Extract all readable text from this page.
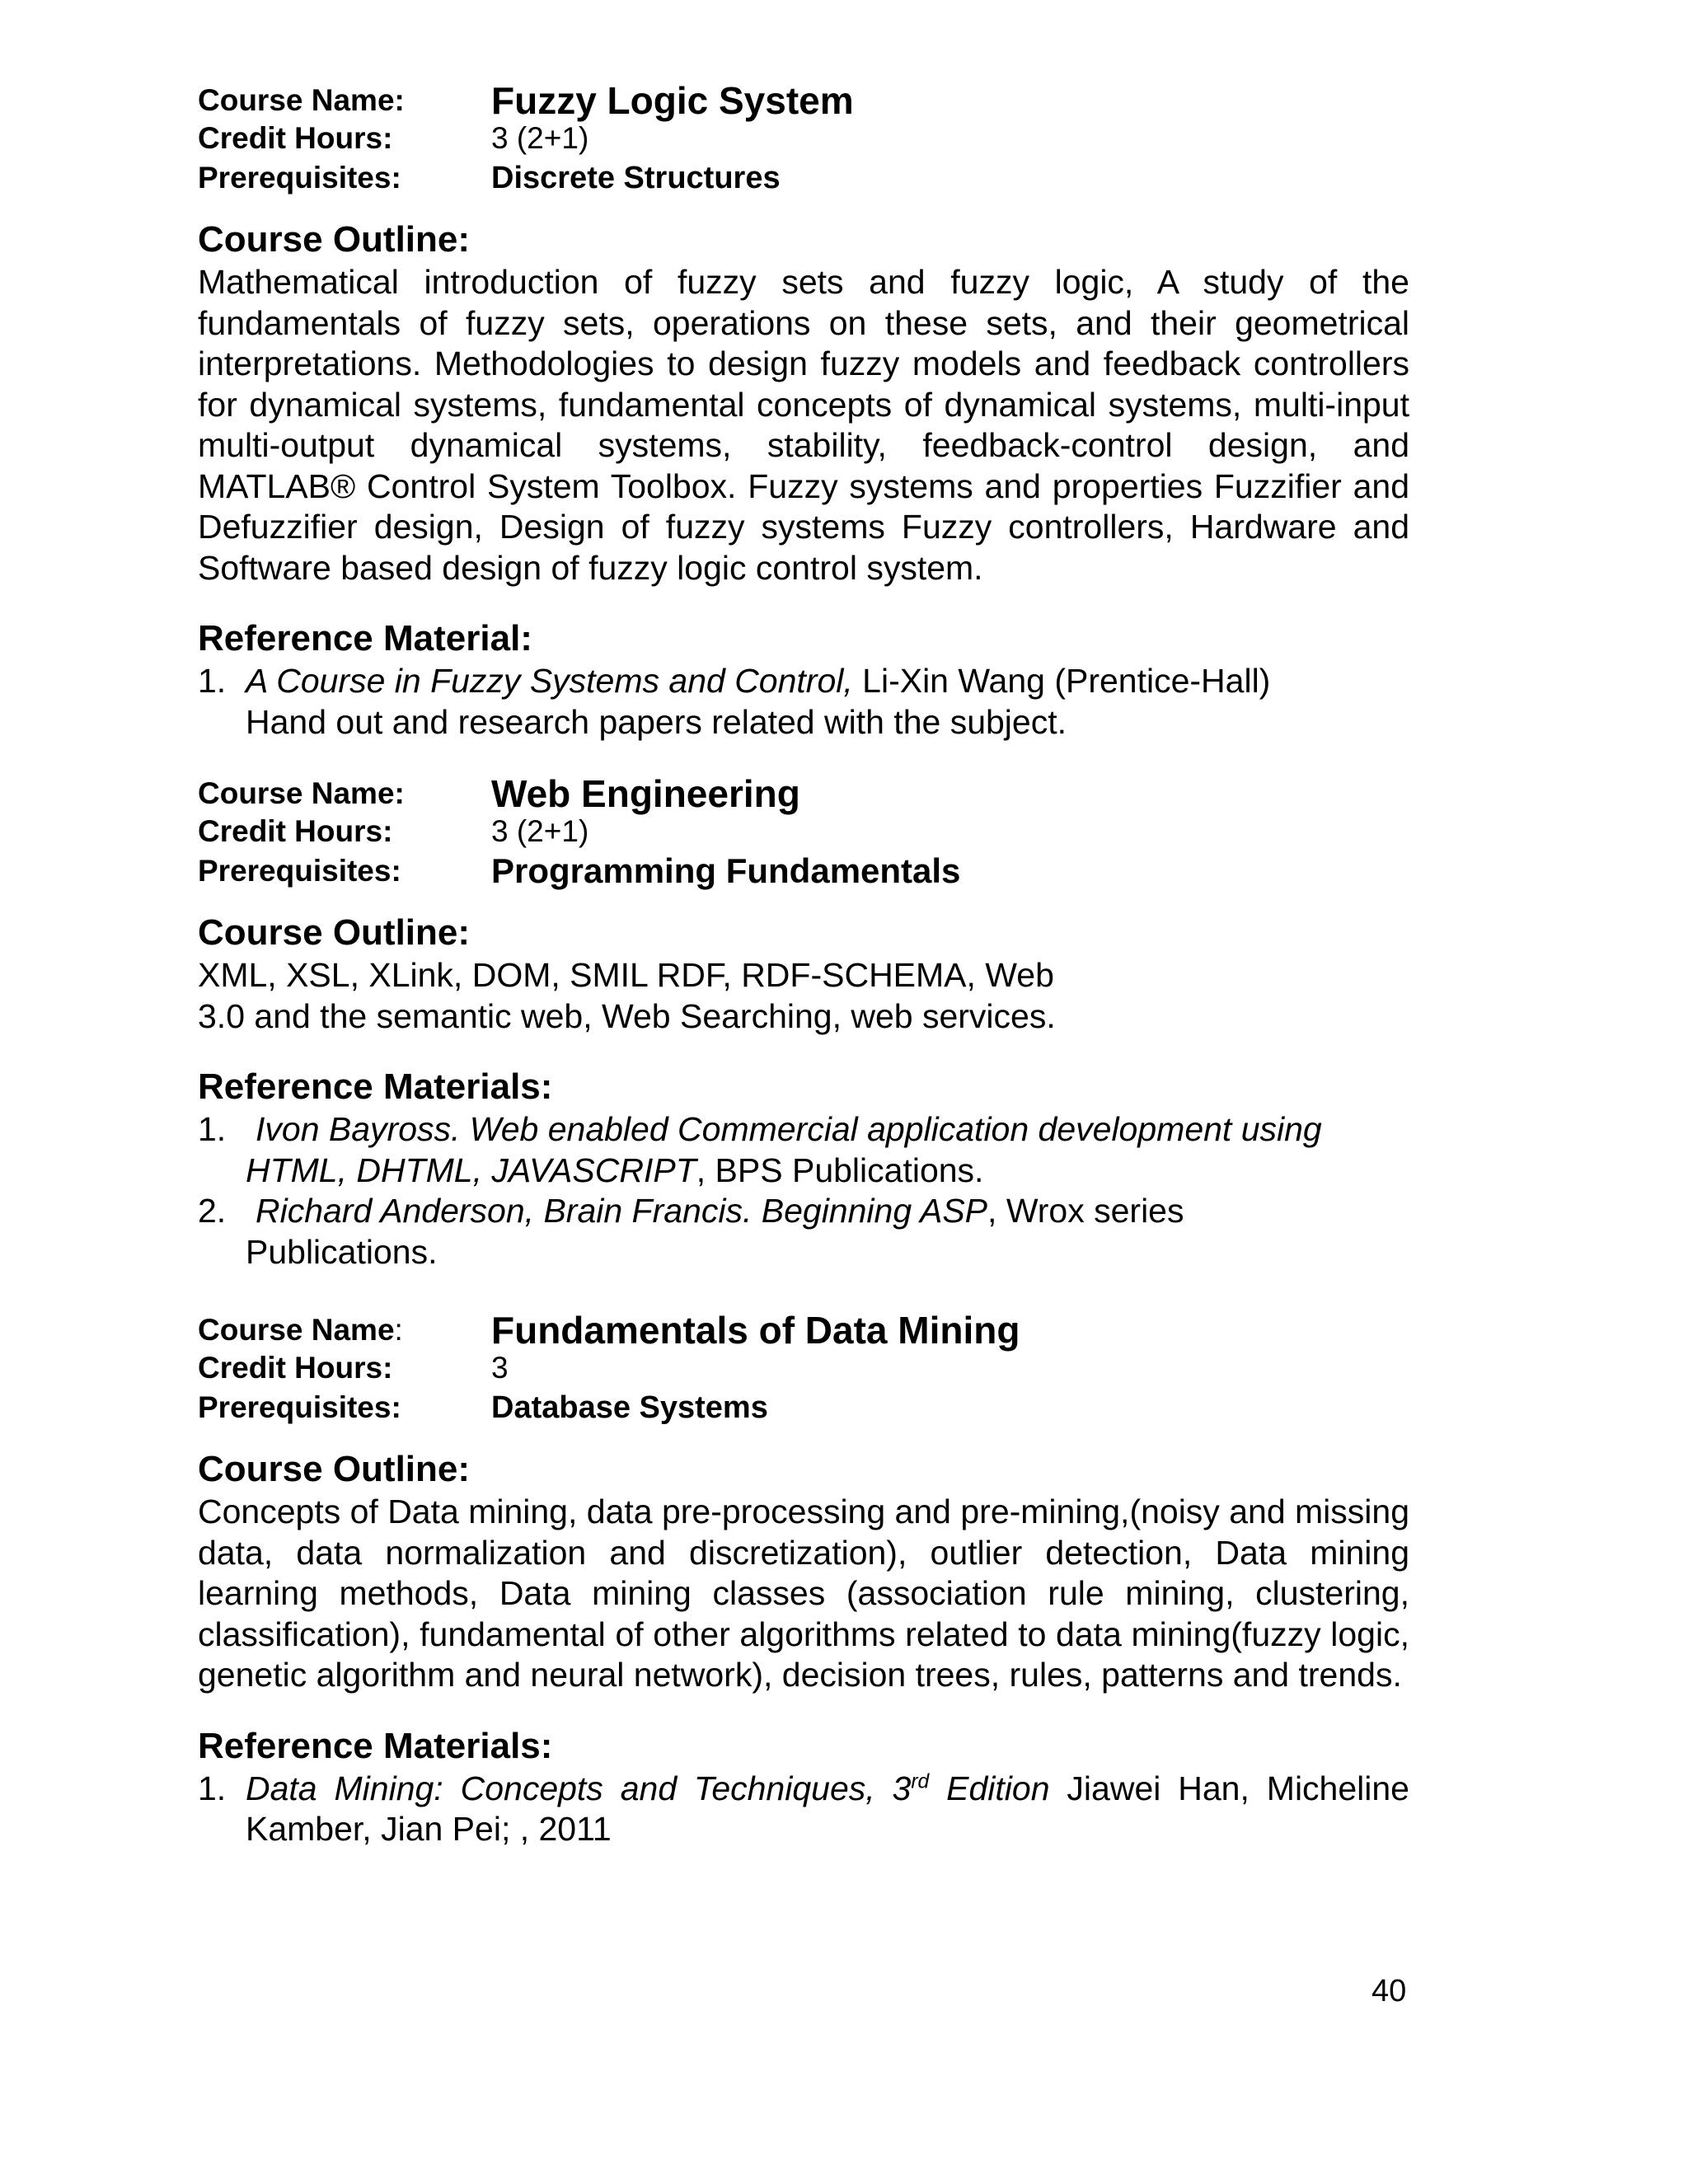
Course Name: Fuzzy Logic System
Credit Hours:	3 (2+1)
Prerequisites:	Discrete Structures
Course Outline:
Mathematical introduction of fuzzy sets and fuzzy logic, A study of the fundamentals of fuzzy sets, operations on these sets, and their geometrical interpretations. Methodologies to design fuzzy models and feedback controllers for dynamical systems, fundamental concepts of dynamical systems, multi-input multi-output dynamical systems, stability, feedback-control design, and MATLAB® Control System Toolbox. Fuzzy systems and properties Fuzzifier and Defuzzifier design, Design of fuzzy systems Fuzzy controllers, Hardware and Software based design of fuzzy logic control system.
Reference Material:
1. A Course in Fuzzy Systems and Control, Li-Xin Wang (Prentice-Hall)
Hand out and research papers related with the subject.
Course Name: Web Engineering
Credit Hours:	3 (2+1)
Prerequisites:	Programming Fundamentals
Course Outline:
XML, XSL, XLink, DOM, SMIL RDF, RDF-SCHEMA, Web 3.0 and the semantic web, Web Searching, web services.
Reference Materials:
1. Ivon Bayross. Web enabled Commercial application development using HTML, DHTML, JAVASCRIPT, BPS Publications.
2. Richard Anderson, Brain Francis. Beginning ASP, Wrox series Publications.
Course Name: Fundamentals of Data Mining
Credit Hours:	3
Prerequisites:	Database Systems
Course Outline:
Concepts of Data mining, data pre-processing and pre-mining,(noisy and missing data, data normalization and discretization), outlier detection, Data mining learning methods, Data mining classes (association rule mining, clustering, classification), fundamental of other algorithms related to data mining(fuzzy logic, genetic algorithm and neural network), decision trees, rules, patterns and trends.
Reference Materials:
1. Data Mining: Concepts and Techniques, 3rd Edition Jiawei Han, Micheline Kamber, Jian Pei; , 2011
40
